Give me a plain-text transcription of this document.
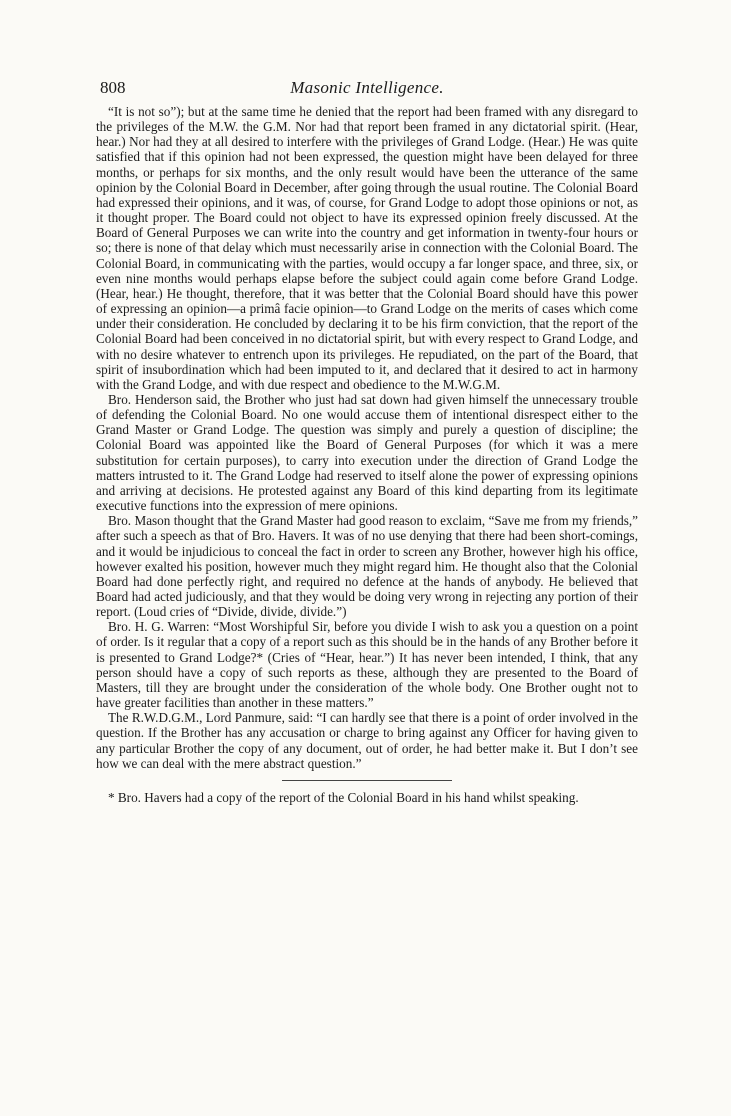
808	Masonic Intelligence.

“It is not so”); but at the same time he denied that the report had been framed with any disregard to the privileges of the M.W. the G.M. Nor had that report been framed in any dictatorial spirit. (Hear, hear.) Nor had they at all desired to interfere with the privileges of Grand Lodge. (Hear.) He was quite satisfied that if this opinion had not been expressed, the question might have been delayed for three months, or perhaps for six months, and the only result would have been the utterance of the same opinion by the Colonial Board in December, after going through the usual routine. The Colonial Board had expressed their opinions, and it was, of course, for Grand Lodge to adopt those opinions or not, as it thought proper. The Board could not object to have its expressed opinion freely discussed. At the Board of General Purposes we can write into the country and get information in twenty-four hours or so; there is none of that delay which must necessarily arise in connection with the Colonial Board. The Colonial Board, in communicating with the parties, would occupy a far longer space, and three, six, or even nine months would perhaps elapse before the subject could again come before Grand Lodge. (Hear, hear.) He thought, therefore, that it was better that the Colonial Board should have this power of expressing an opinion—a primâ facie opinion—to Grand Lodge on the merits of cases which come under their consideration. He concluded by declaring it to be his firm conviction, that the report of the Colonial Board had been conceived in no dictatorial spirit, but with every respect to Grand Lodge, and with no desire whatever to entrench upon its privileges. He repudiated, on the part of the Board, that spirit of insubordination which had been imputed to it, and declared that it desired to act in harmony with the Grand Lodge, and with due respect and obedience to the M.W.G.M.

Bro. Henderson said, the Brother who just had sat down had given himself the unnecessary trouble of defending the Colonial Board. No one would accuse them of intentional disrespect either to the Grand Master or Grand Lodge. The question was simply and purely a question of discipline; the Colonial Board was appointed like the Board of General Purposes (for which it was a mere substitution for certain purposes), to carry into execution under the direction of Grand Lodge the matters intrusted to it. The Grand Lodge had reserved to itself alone the power of expressing opinions and arriving at decisions. He protested against any Board of this kind departing from its legitimate executive functions into the expression of mere opinions.

Bro. Mason thought that the Grand Master had good reason to exclaim, “Save me from my friends,” after such a speech as that of Bro. Havers. It was of no use denying that there had been short-comings, and it would be injudicious to conceal the fact in order to screen any Brother, however high his office, however exalted his position, however much they might regard him. He thought also that the Colonial Board had done perfectly right, and required no defence at the hands of anybody. He believed that Board had acted judiciously, and that they would be doing very wrong in rejecting any portion of their report. (Loud cries of “Divide, divide, divide.”)

Bro. H. G. Warren: “Most Worshipful Sir, before you divide I wish to ask you a question on a point of order. Is it regular that a copy of a report such as this should be in the hands of any Brother before it is presented to Grand Lodge?* (Cries of “Hear, hear.”) It has never been intended, I think, that any person should have a copy of such reports as these, although they are presented to the Board of Masters, till they are brought under the consideration of the whole body. One Brother ought not to have greater facilities than another in these matters.”

The R.W.D.G.M., Lord Panmure, said: “I can hardly see that there is a point of order involved in the question. If the Brother has any accusation or charge to bring against any Officer for having given to any particular Brother the copy of any document, out of order, he had better make it. But I don’t see how we can deal with the mere abstract question.”

* Bro. Havers had a copy of the report of the Colonial Board in his hand whilst speaking.
